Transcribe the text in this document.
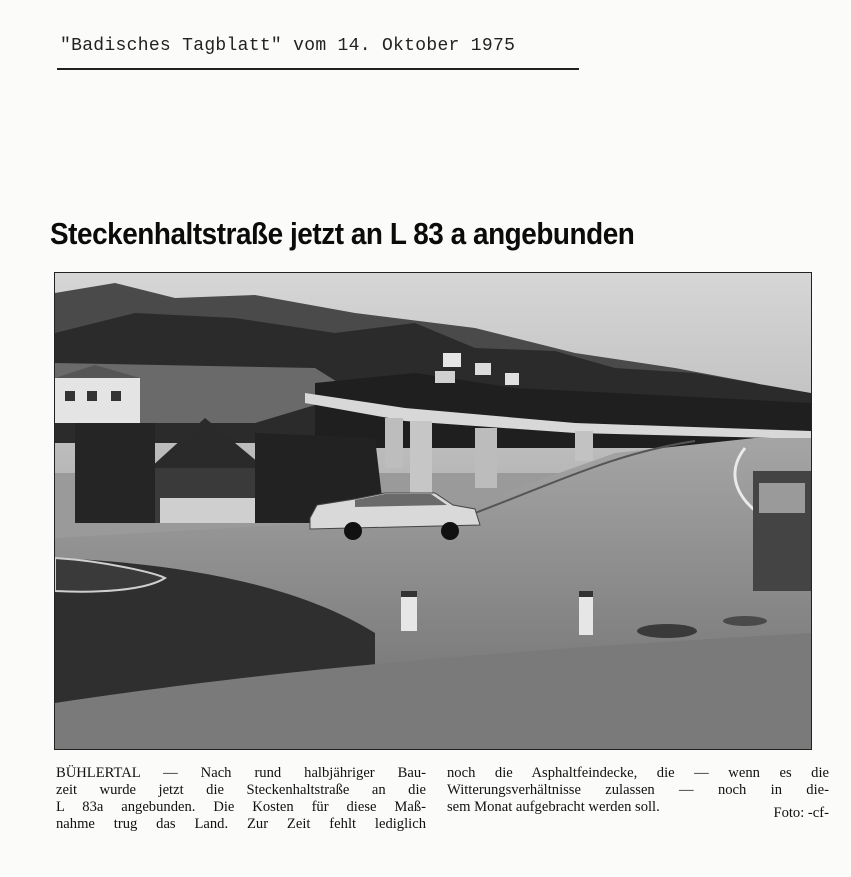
"Badisches Tagblatt" vom 14. Oktober 1975
Steckenhaltstraße jetzt an L 83 a angebunden
BÜHLERTAL — Nach rund halbjähriger Bau-
zeit wurde jetzt die Steckenhaltstraße an die
L 83a angebunden. Die Kosten für diese Maß-
nahme trug das Land. Zur Zeit fehlt lediglich
noch die Asphaltfeindecke, die — wenn es die
Witterungsverhältnisse zulassen — noch in die-
sem Monat aufgebracht werden soll.	Foto: -cf-
